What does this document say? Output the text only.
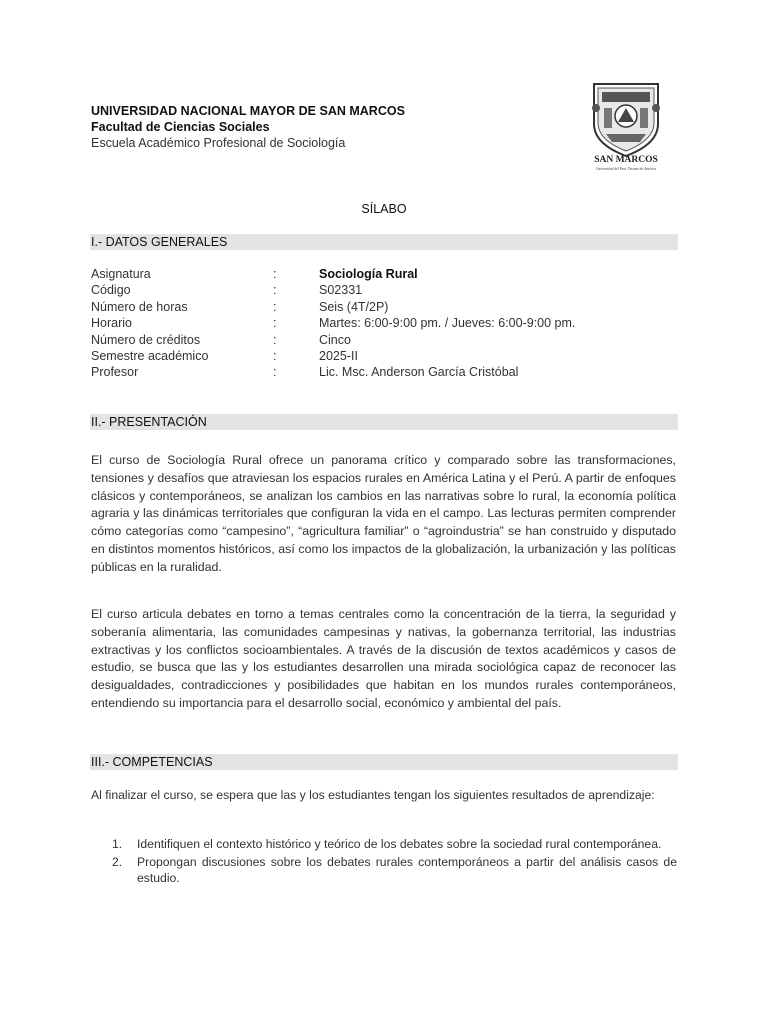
UNIVERSIDAD NACIONAL MAYOR DE SAN MARCOS
Facultad de Ciencias Sociales
Escuela Académico Profesional de Sociología
SAN MARCOS
Universidad del Perú. Decana de América
SÍLABO
I.- DATOS GENERALES
Asignatura	:	Sociología Rural
Código	:	S02331
Número de horas	:	Seis (4T/2P)
Horario	:	Martes: 6:00-9:00 pm. / Jueves: 6:00-9:00 pm.
Número de créditos	:	Cinco
Semestre académico	:	2025-II
Profesor	:	Lic. Msc. Anderson García Cristóbal
II.- PRESENTACIÓN

El curso de Sociología Rural ofrece un panorama crítico y comparado sobre las transformaciones, tensiones y desafíos que atraviesan los espacios rurales en América Latina y el Perú. A partir de enfoques clásicos y contemporáneos, se analizan los cambios en las narrativas sobre lo rural, la economía política agraria y las dinámicas territoriales que configuran la vida en el campo. Las lecturas permiten comprender cómo categorías como “campesino”, “agricultura familiar” o “agroindustria” se han construido y disputado en distintos momentos históricos, así como los impactos de la globalización, la urbanización y las políticas públicas en la ruralidad.

El curso articula debates en torno a temas centrales como la concentración de la tierra, la seguridad y soberanía alimentaria, las comunidades campesinas y nativas, la gobernanza territorial, las industrias extractivas y los conflictos socioambientales. A través de la discusión de textos académicos y casos de estudio, se busca que las y los estudiantes desarrollen una mirada sociológica capaz de reconocer las desigualdades, contradicciones y posibilidades que habitan en los mundos rurales contemporáneos, entendiendo su importancia para el desarrollo social, económico y ambiental del país.

III.- COMPETENCIAS

Al finalizar el curso, se espera que las y los estudiantes tengan los siguientes resultados de aprendizaje:

1. Identifiquen el contexto histórico y teórico de los debates sobre la sociedad rural contemporánea.
2. Propongan discusiones sobre los debates rurales contemporáneos a partir del análisis casos de estudio.
